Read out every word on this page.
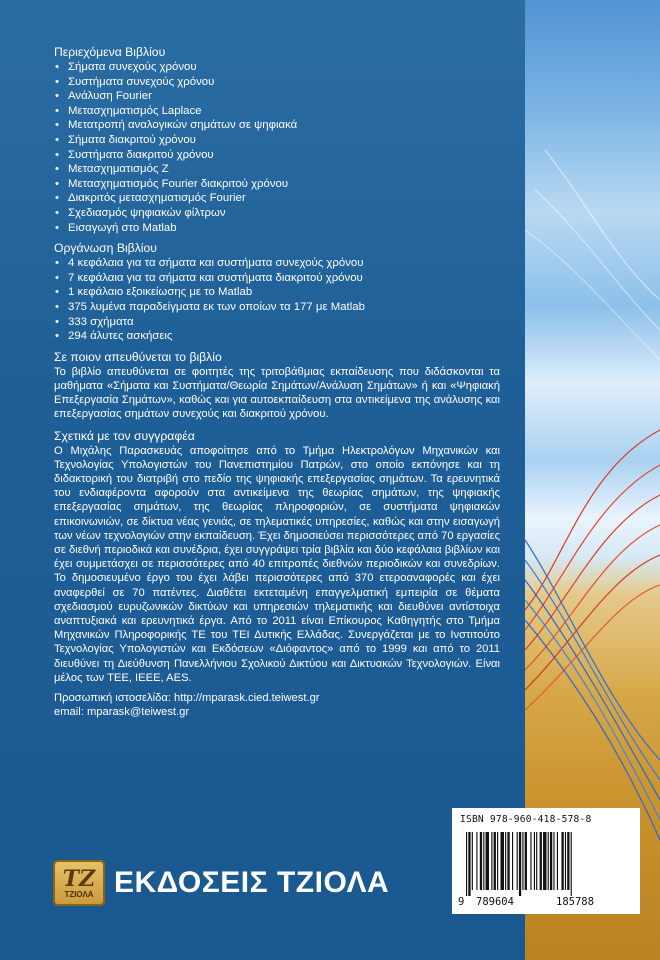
Περιεχόμενα Βιβλίου
• Σήματα συνεχούς χρόνου
• Συστήματα συνεχούς χρόνου
• Ανάλυση Fourier
• Μετασχηματισμός Laplace
• Μετατροπή αναλογικών σημάτων σε ψηφιακά
• Σήματα διακριτού χρόνου
• Συστήματα διακριτού χρόνου
• Μετασχηματισμός Z
• Μετασχηματισμός Fourier διακριτού χρόνου
• Διακριτός μετασχηματισμός Fourier
• Σχεδιασμός ψηφιακών φίλτρων
• Εισαγωγή στο Matlab
Οργάνωση Βιβλίου
• 4 κεφάλαια για τα σήματα και συστήματα συνεχούς χρόνου
• 7 κεφάλαια για τα σήματα και συστήματα διακριτού χρόνου
• 1 κεφάλαιο εξοικείωσης με το Matlab
• 375 λυμένα παραδείγματα εκ των οποίων τα 177 με Matlab
• 333 σχήματα
• 294 άλυτες ασκήσεις
Σε ποιον απευθύνεται το βιβλίο

Το βιβλίο απευθύνεται σε φοιτητές της τριτοβάθμιας εκπαίδευσης που διδάσκονται τα μαθήματα «Σήματα και Συστήματα/Θεωρία Σημάτων/Ανάλυση Σημάτων» ή και «Ψηφιακή Επεξεργασία Σημάτων», καθώς και για αυτοεκπαίδευση στα αντικείμενα της ανάλυσης και επεξεργασίας σημάτων συνεχούς και διακριτού χρόνου.

Σχετικά με τον συγγραφέα

Ο Μιχάλης Παρασκευάς αποφοίτησε από το Τμήμα Ηλεκτρολόγων Μηχανικών και Τεχνολογίας Υπολογιστών του Πανεπιστημίου Πατρών, στο οποίο εκπόνησε και τη διδακτορική του διατριβή στο πεδίο της ψηφιακής επεξεργασίας σημάτων. Τα ερευνητικά του ενδιαφέροντα αφορούν στα αντικείμενα της θεωρίας σημάτων, της ψηφιακής επεξεργασίας σημάτων, της θεωρίας πληροφοριών, σε συστήματα ψηφιακών επικοινωνιών, σε δίκτυα νέας γενιάς, σε τηλεματικές υπηρεσίες, καθώς και στην εισαγωγή των νέων τεχνολογιών στην εκπαίδευση. Έχει δημοσιεύσει περισσότερες από 70 εργασίες σε διεθνή περιοδικά και συνέδρια, έχει συγγράψει τρία βιβλία και δύο κεφάλαια βιβλίων και έχει συμμετάσχει σε περισσότερες από 40 επιτροπές διεθνών περιοδικών και συνεδρίων. Το δημοσιευμένο έργο του έχει λάβει περισσότερες από 370 ετεροαναφορές και έχει αναφερθεί σε 70 πατέντες. Διαθέτει εκτεταμένη επαγγελματική εμπειρία σε θέματα σχεδιασμού ευρυζωνικών δικτύων και υπηρεσιών τηλεματικής και διευθύνει αντίστοιχα αναπτυξιακά και ερευνητικά έργα. Από το 2011 είναι Επίκουρος Καθηγητής στο Τμήμα Μηχανικών Πληροφορικής ΤΕ του ΤΕΙ Δυτικής Ελλάδας. Συνεργάζεται με το Ινστιτούτο Τεχνολογίας Υπολογιστών και Εκδόσεων «Διόφαντος» από το 1999 και από το 2011 διευθύνει τη Διεύθυνση Πανελλήνιου Σχολικού Δικτύου και Δικτυακών Τεχνολογιών. Είναι μέλος των ΤΕΕ, IEEE, AES.

Προσωπική ιστοσελίδα: http://mparask.cied.teiwest.gr
email: mparask@teiwest.gr
ΤΖ
ΤΖΙΟΛΑ ΕΚΔΟΣΕΙΣ ΤΖΙΟΛΑ
ISBN 978-960-418-578-8
9 789604	185788
